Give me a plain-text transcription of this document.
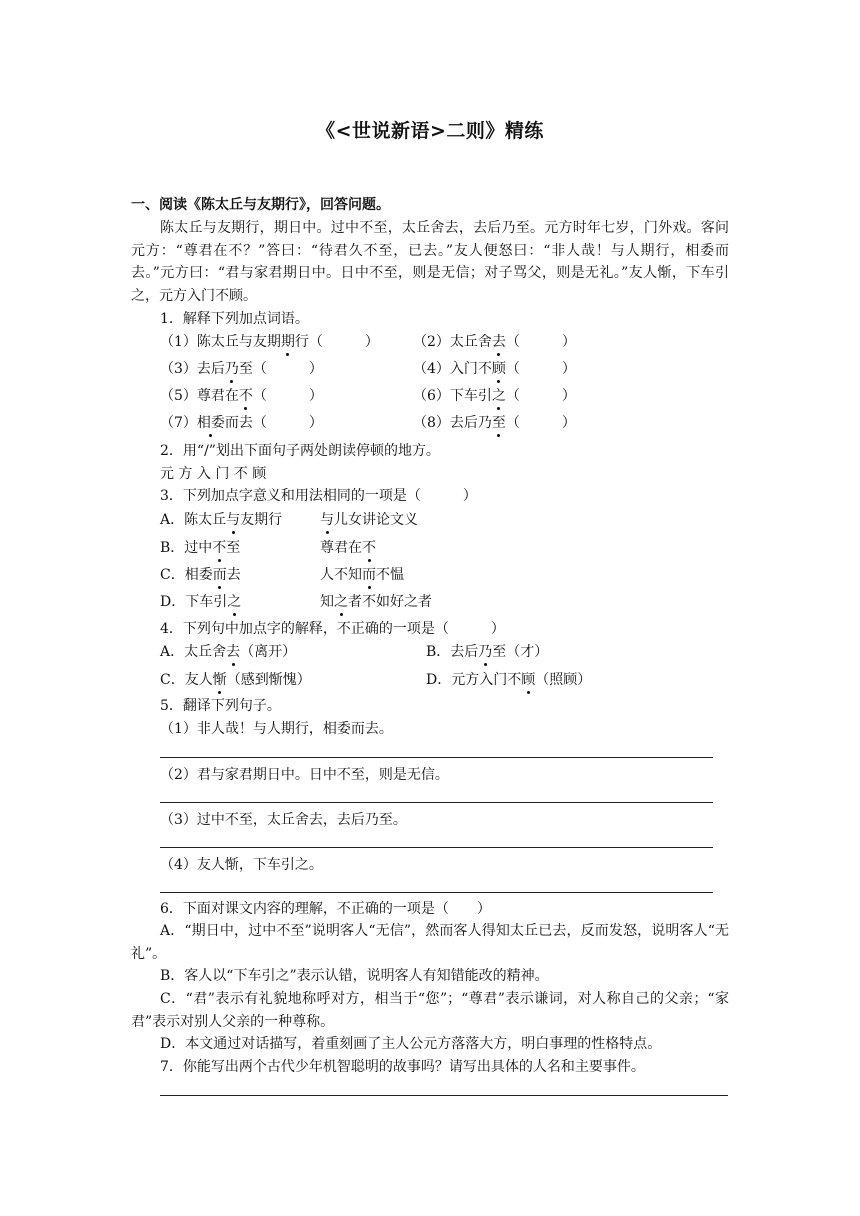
《<世说新语>二则》精练
一、阅读《陈太丘与友期行》，回答问题。
陈太丘与友期行，期日中。过中不至，太丘舍去，去后乃至。元方时年七岁，门外戏。客问元方：“尊君在不？”答曰：“待君久不至，已去。”友人便怒曰：“非人哉！与人期行，相委而去。”元方曰：“君与家君期日中。日中不至，则是无信；对子骂父，则是无礼。”友人惭，下车引之，元方入门不顾。
1．解释下列加点词语。
（1）陈太丘与友期期行（　　　） （2）太丘舍去（　　　）
（3）去后乃至（　　　）	（4）入门不顾（　　　）
（5）尊君在不（　　　）	（6）下车引之（　　　）
（7）相委而去（　　　）	（8）去后乃至（　　　）
2．用“/”划出下面句子两处朗读停顿的地方。
元 方 入 门 不 顾
3．下列加点字意义和用法相同的一项是（　　　）
A．陈太丘与友期行	与儿女讲论文义
B．过中不至	尊君在不
C．相委而去	人不知而不愠
D．下车引之	知之者不如好之者
4．下列句中加点字的解释，不正确的一项是（　　　）
A．太丘舍去（离开）	B．去后乃至（才）
C．友人惭（感到惭愧）	D．元方入门不顾（照顾）
5．翻译下列句子。
（1）非人哉！与人期行，相委而去。
（2）君与家君期日中。日中不至，则是无信。
（3）过中不至，太丘舍去，去后乃至。
（4）友人惭，下车引之。
6．下面对课文内容的理解，不正确的一项是（　　）
A．“期日中，过中不至”说明客人“无信”，然而客人得知太丘已去，反而发怒，说明客人“无礼”。
B．客人以“下车引之”表示认错，说明客人有知错能改的精神。
C．“君”表示有礼貌地称呼对方，相当于“您”；“尊君”表示谦词，对人称自己的父亲；“家君”表示对别人父亲的一种尊称。
D．本文通过对话描写，着重刻画了主人公元方落落大方，明白事理的性格特点。
7．你能写出两个古代少年机智聪明的故事吗？请写出具体的人名和主要事件。
